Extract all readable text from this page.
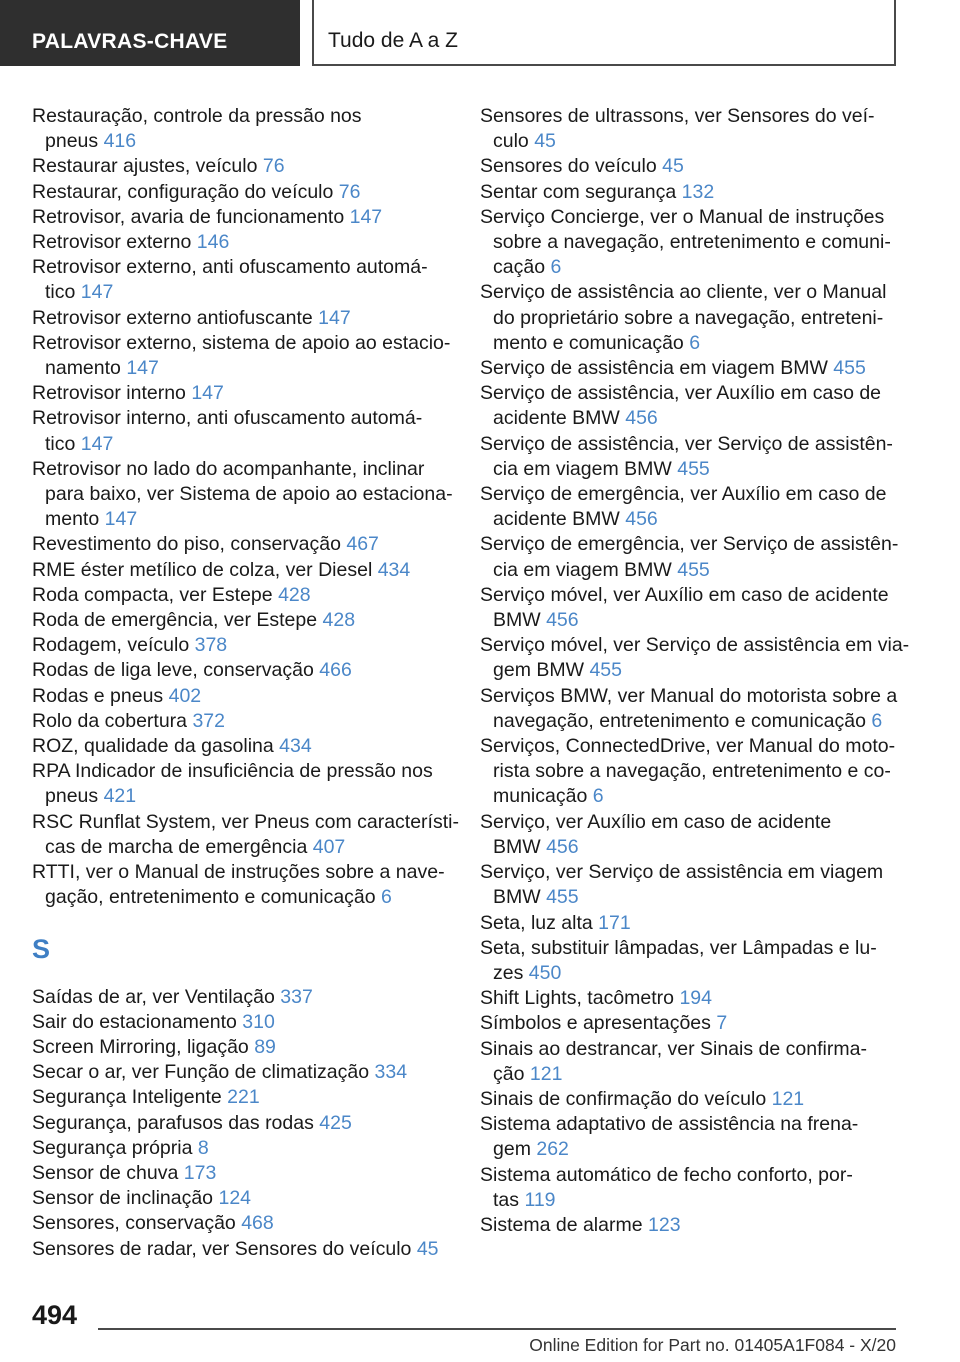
PALAVRAS-CHAVE	Tudo de A a Z
Restauração, controle da pressão nos
pneus 416
Restaurar ajustes, veículo 76
Restaurar, configuração do veículo 76
Retrovisor, avaria de funcionamento 147
Retrovisor externo 146
Retrovisor externo, anti ofuscamento automá-
tico 147
Retrovisor externo antiofuscante 147
Retrovisor externo, sistema de apoio ao estacio-
namento 147
Retrovisor interno 147
Retrovisor interno, anti ofuscamento automá-
tico 147
Retrovisor no lado do acompanhante, inclinar
para baixo, ver Sistema de apoio ao estaciona-
mento 147
Revestimento do piso, conservação 467
RME éster metílico de colza, ver Diesel 434
Roda compacta, ver Estepe 428
Roda de emergência, ver Estepe 428
Rodagem, veículo 378
Rodas de liga leve, conservação 466
Rodas e pneus 402
Rolo da cobertura 372
ROZ, qualidade da gasolina 434
RPA Indicador de insuficiência de pressão nos
pneus 421
RSC Runflat System, ver Pneus com característi-
cas de marcha de emergência 407
RTTI, ver o Manual de instruções sobre a nave-
gação, entretenimento e comunicação 6
S
Saídas de ar, ver Ventilação 337
Sair do estacionamento 310
Screen Mirroring, ligação 89
Secar o ar, ver Função de climatização 334
Segurança Inteligente 221
Segurança, parafusos das rodas 425
Segurança própria 8
Sensor de chuva 173
Sensor de inclinação 124
Sensores, conservação 468
Sensores de radar, ver Sensores do veículo 45
Sensores de ultrassons, ver Sensores do veí-
culo 45
Sensores do veículo 45
Sentar com segurança 132
Serviço Concierge, ver o Manual de instruções
sobre a navegação, entretenimento e comuni-
cação 6
Serviço de assistência ao cliente, ver o Manual
do proprietário sobre a navegação, entreteni-
mento e comunicação 6
Serviço de assistência em viagem BMW 455
Serviço de assistência, ver Auxílio em caso de
acidente BMW 456
Serviço de assistência, ver Serviço de assistên-
cia em viagem BMW 455
Serviço de emergência, ver Auxílio em caso de
acidente BMW 456
Serviço de emergência, ver Serviço de assistên-
cia em viagem BMW 455
Serviço móvel, ver Auxílio em caso de acidente
BMW 456
Serviço móvel, ver Serviço de assistência em via-
gem BMW 455
Serviços BMW, ver Manual do motorista sobre a
navegação, entretenimento e comunicação 6
Serviços, ConnectedDrive, ver Manual do moto-
rista sobre a navegação, entretenimento e co-
municação 6
Serviço, ver Auxílio em caso de acidente
BMW 456
Serviço, ver Serviço de assistência em viagem
BMW 455
Seta, luz alta 171
Seta, substituir lâmpadas, ver Lâmpadas e lu-
zes 450
Shift Lights, tacômetro 194
Símbolos e apresentações 7
Sinais ao destrancar, ver Sinais de confirma-
ção 121
Sinais de confirmação do veículo 121
Sistema adaptativo de assistência na frena-
gem 262
Sistema automático de fecho conforto, por-
tas 119
Sistema de alarme 123
494
Online Edition for Part no. 01405A1F084 - X/20
